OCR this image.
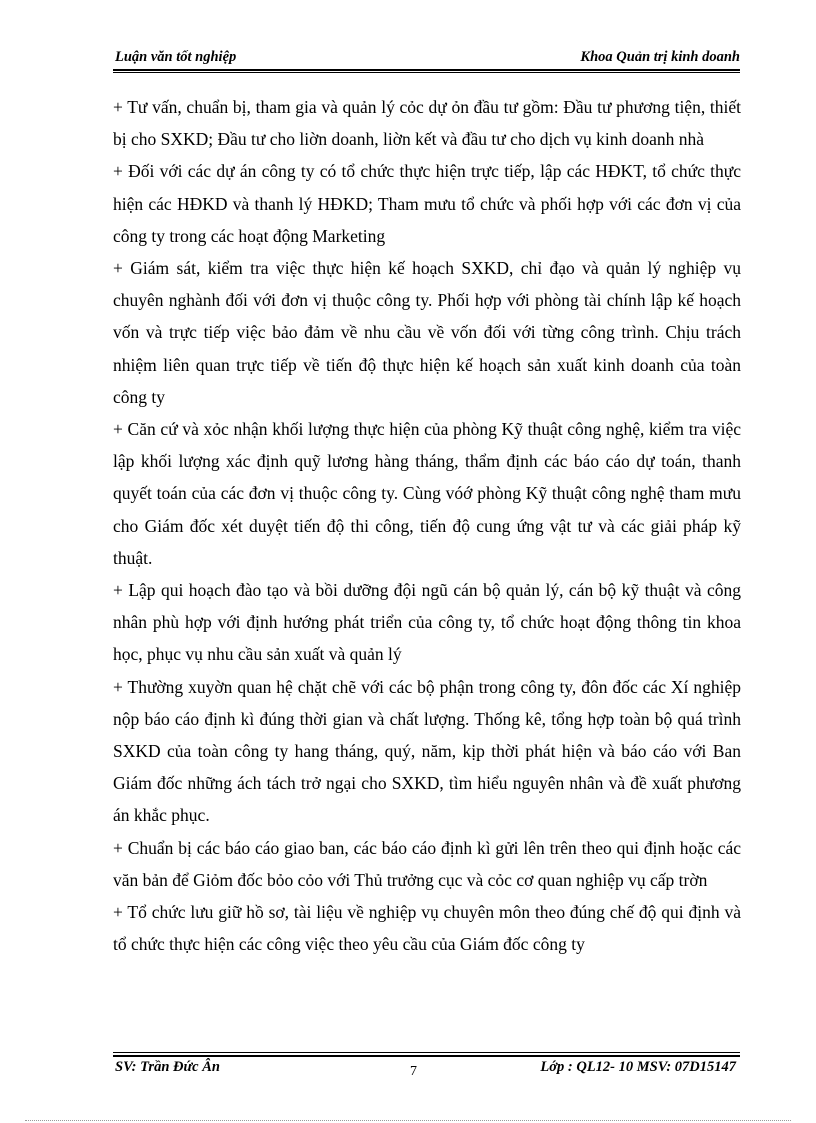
Luận văn tốt nghiệp	Khoa Quản trị kinh doanh

+ Tư vấn, chuẩn bị, tham gia và quản lý cỏc dự ỏn đầu tư gồm: Đầu tư phương tiện, thiết bị cho SXKD; Đầu tư cho liờn doanh, liờn kết và đầu tư cho dịch vụ kinh doanh nhà

+ Đối với các dự án công ty có tổ chức thực hiện trực tiếp, lập các HĐKT, tổ chức thực hiện các HĐKD và thanh lý HĐKD; Tham mưu tổ chức và phối hợp với các đơn vị của công ty trong các hoạt động Marketing

+ Giám sát, kiểm tra việc thực hiện kế hoạch SXKD, chỉ đạo và quản lý nghiệp vụ chuyên nghành đối với đơn vị thuộc công ty. Phối hợp với phòng tài chính lập kế hoạch vốn và trực tiếp việc bảo đảm về nhu cầu về vốn đối với từng công trình. Chịu trách nhiệm liên quan trực tiếp về tiến độ thực hiện kế hoạch sản xuất kinh doanh của toàn công ty

+ Căn cứ và xỏc nhận khối lượng thực hiện của phòng Kỹ thuật công nghệ, kiểm tra việc lập khối lượng xác định quỹ lương hàng tháng, thẩm định các báo cáo dự toán, thanh quyết toán của các đơn vị thuộc công ty. Cùng vóớ phòng Kỹ thuật công nghệ tham mưu cho Giám đốc xét duyệt tiến độ thi công, tiến độ cung ứng vật tư và các giải pháp kỹ thuật.

+ Lập qui hoạch đào tạo và bồi dưỡng đội ngũ cán bộ quản lý, cán bộ kỹ thuật và công nhân phù hợp với định hướng phát triển của công ty, tổ chức hoạt động thông tin khoa học, phục vụ nhu cầu sản xuất và quản lý

+ Thường xuyờn quan hệ chặt chẽ với các bộ phận trong công ty, đôn đốc các Xí nghiệp nộp báo cáo định kì đúng thời gian và chất lượng. Thống kê, tổng hợp toàn bộ quá trình SXKD của toàn công ty hang tháng, quý, năm, kịp thời phát hiện và báo cáo với Ban Giám đốc những ách tách trở ngại cho SXKD, tìm hiểu nguyên nhân và đề xuất phương án khắc phục.

+ Chuẩn bị các báo cáo giao ban, các báo cáo định kì gửi lên trên theo qui định hoặc các văn bản để Giỏm đốc bỏo cỏo với Thủ trưởng cục và cỏc cơ quan nghiệp vụ cấp trờn

+ Tổ chức lưu giữ hồ sơ, tài liệu về nghiệp vụ chuyên môn theo đúng chế độ qui định và tổ chức thực hiện các công việc theo yêu cầu của Giám đốc công ty

SV: Trần Đức Ân	7	Lớp : QL12- 10 MSV: 07D15147
